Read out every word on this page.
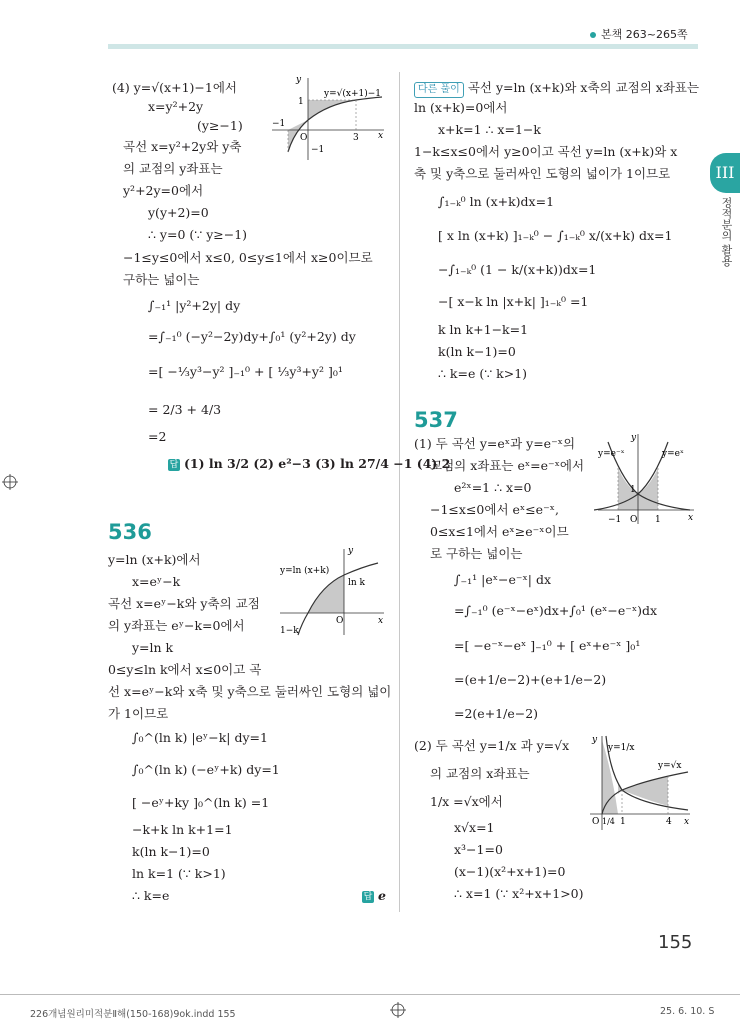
본책 263~265쪽
III
정적분의 활용
(4) y=√(x+1)−1에서
x=y²+2y
(y≥−1)
곡선 x=y²+2y와 y축
의 교점의 y좌표는
y²+2y=0에서
y(y+2)=0
∴ y=0 (∵ y≥−1)
−1≤y≤0에서 x≤0, 0≤y≤1에서 x≥0이므로
구하는 넓이는
∫₋₁¹ |y²+2y| dy
=∫₋₁⁰ (−y²−2y)dy+∫₀¹ (y²+2y) dy
=[ −⅓y³−y² ]₋₁⁰ + [ ⅓y³+y² ]₀¹
= 2/3 + 4/3
=2
답 (1) ln 3/2 (2) e²−3 (3) ln 27/4 −1 (4) 2
y=√(x+1)−1
1
−1
O	3
−1
x
y
536
y=ln (x+k)에서
x=eʸ−k
곡선 x=eʸ−k와 y축의 교점
의 y좌표는 eʸ−k=0에서
y=ln k
0≤y≤ln k에서 x≤0이고 곡
선 x=eʸ−k와 x축 및 y축으로 둘러싸인 도형의 넓이
가 1이므로
∫₀^(ln k) |eʸ−k| dy=1
∫₀^(ln k) (−eʸ+k) dy=1
[ −eʸ+ky ]₀^(ln k) =1
−k+k ln k+1=1
k(ln k−1)=0
ln k=1 (∵ k>1)
∴ k=e	답 e
y=ln (x+k)
ln k
1−k
O	x
y
다른 풀이 곡선 y=ln (x+k)와 x축의 교점의 x좌표는
ln (x+k)=0에서
x+k=1 ∴ x=1−k
1−k≤x≤0에서 y≥0이고 곡선 y=ln (x+k)와 x
축 및 y축으로 둘러싸인 도형의 넓이가 1이므로
∫₁₋ₖ⁰ ln (x+k)dx=1
[ x ln (x+k) ]₁₋ₖ⁰ − ∫₁₋ₖ⁰ x/(x+k) dx=1
−∫₁₋ₖ⁰ (1 − k/(x+k))dx=1
−[ x−k ln |x+k| ]₁₋ₖ⁰ =1
k ln k+1−k=1
k(ln k−1)=0
∴ k=e (∵ k>1)
537
(1) 두 곡선 y=eˣ과 y=e⁻ˣ의
교점의 x좌표는 eˣ=e⁻ˣ에서
e²ˣ=1 ∴ x=0
−1≤x≤0에서 eˣ≤e⁻ˣ,
0≤x≤1에서 eˣ≥e⁻ˣ이므
로 구하는 넓이는
∫₋₁¹ |eˣ−e⁻ˣ| dx
=∫₋₁⁰ (e⁻ˣ−eˣ)dx+∫₀¹ (eˣ−e⁻ˣ)dx
=[ −e⁻ˣ−eˣ ]₋₁⁰ + [ eˣ+e⁻ˣ ]₀¹
=(e+1/e−2)+(e+1/e−2)
=2(e+1/e−2)
y=e⁻ˣ	y=eˣ
1
−1 O 1	x
y
(2) 두 곡선 y=1/x 과 y=√x
의 교점의 x좌표는
1/x =√x에서
x√x=1
x³−1=0
(x−1)(x²+x+1)=0
∴ x=1 (∵ x²+x+1>0)
y=1/x
y=√x
O 1/4 1	4 x
y
155
226개념원리미적분Ⅱ해(150-168)9ok.indd 155	25. 6. 10. S
